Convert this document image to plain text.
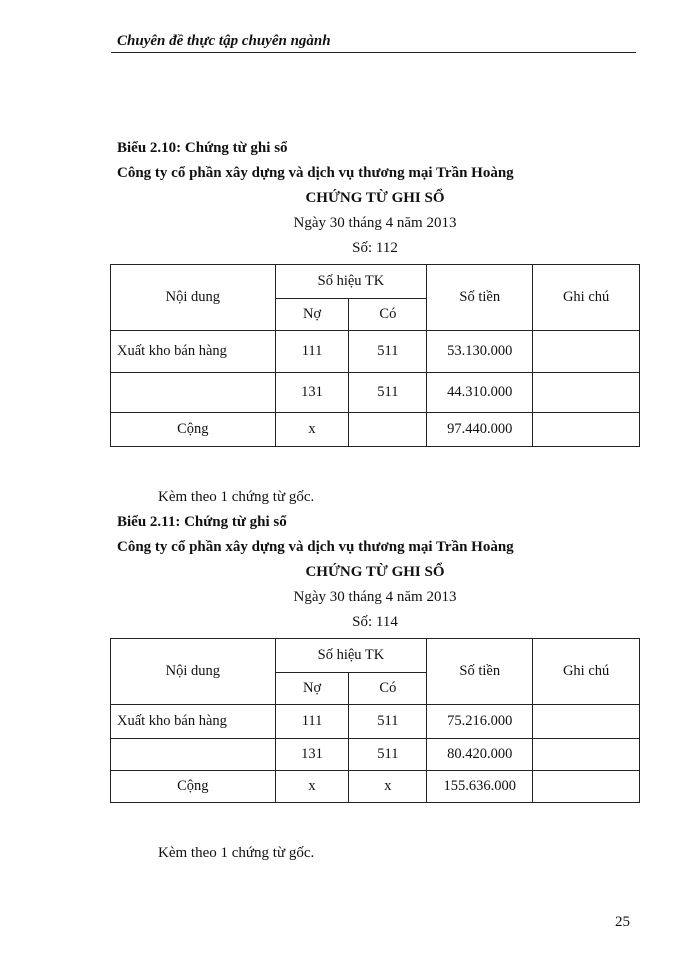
Chuyên đề thực tập chuyên ngành
Biểu 2.10: Chứng từ ghi sổ
Công ty cổ phần xây dựng và dịch vụ thương mại Trần Hoàng
CHỨNG TỪ GHI SỔ
Ngày 30 tháng 4 năm 2013
Số: 112
Nội dung	Số hiệu TK		Số tiền	Ghi chú
	Nợ	Có		
Xuất kho bán hàng	111	511	53.130.000	
	131	511	44.310.000	
Cộng	x		97.440.000	
Kèm theo 1 chứng từ gốc.
Biểu 2.11: Chứng từ ghi sổ
Công ty cổ phần xây dựng và dịch vụ thương mại Trần Hoàng
CHỨNG TỪ GHI SỔ
Ngày 30 tháng 4 năm 2013
Số: 114
Nội dung	Số hiệu TK		Số tiền	Ghi chú
	Nợ	Có		
Xuất kho bán hàng	111	511	75.216.000	
	131	511	80.420.000	
Cộng	x	x	155.636.000	
Kèm theo 1 chứng từ gốc.
25
